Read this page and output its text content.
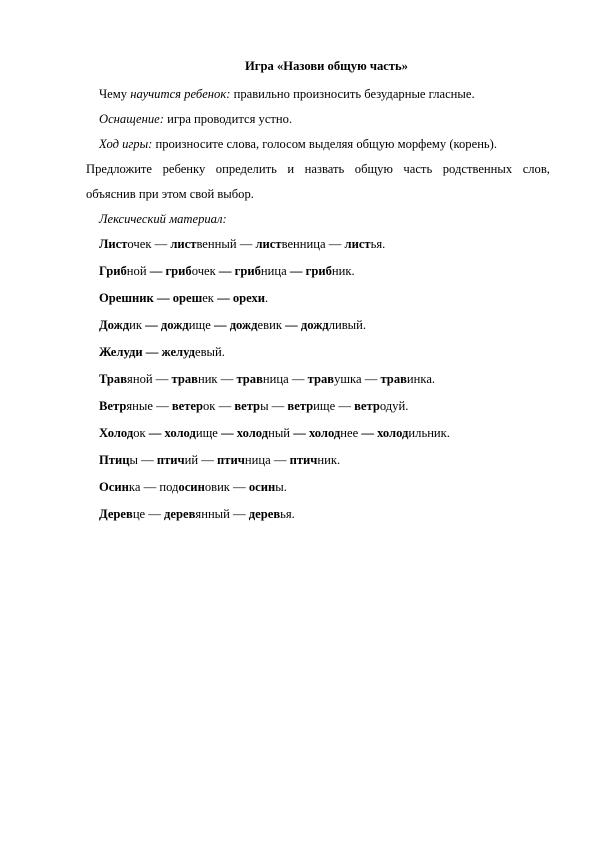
Игра «Назови общую часть»
Чему научится ребенок: правильно произносить безударные гласные.
Оснащение: игра проводится устно.
Ход игры: произносите слова, голосом выделяя общую морфему (корень).
Предложите ребенку определить и назвать общую часть родственных слов,
объяснив при этом свой выбор.
Лексический материал:
Листочек — лиственный — лиственница — листья.
Грибной — грибочек — грибница — грибник.
Орешник — орешек — орехи.
Дождик — дождище — дождевик — дождливый.
Желуди — желудевый.
Травяной — травник — травница — травушка — травинка.
Ветряные — ветерок — ветры — ветрище — ветродуй.
Холодок — холодище — холодный — холоднее — холодильник.
Птицы — птичий — птичница — птичник.
Осинка — подосиновик — осины.
Деревце — деревянный — деревья.
